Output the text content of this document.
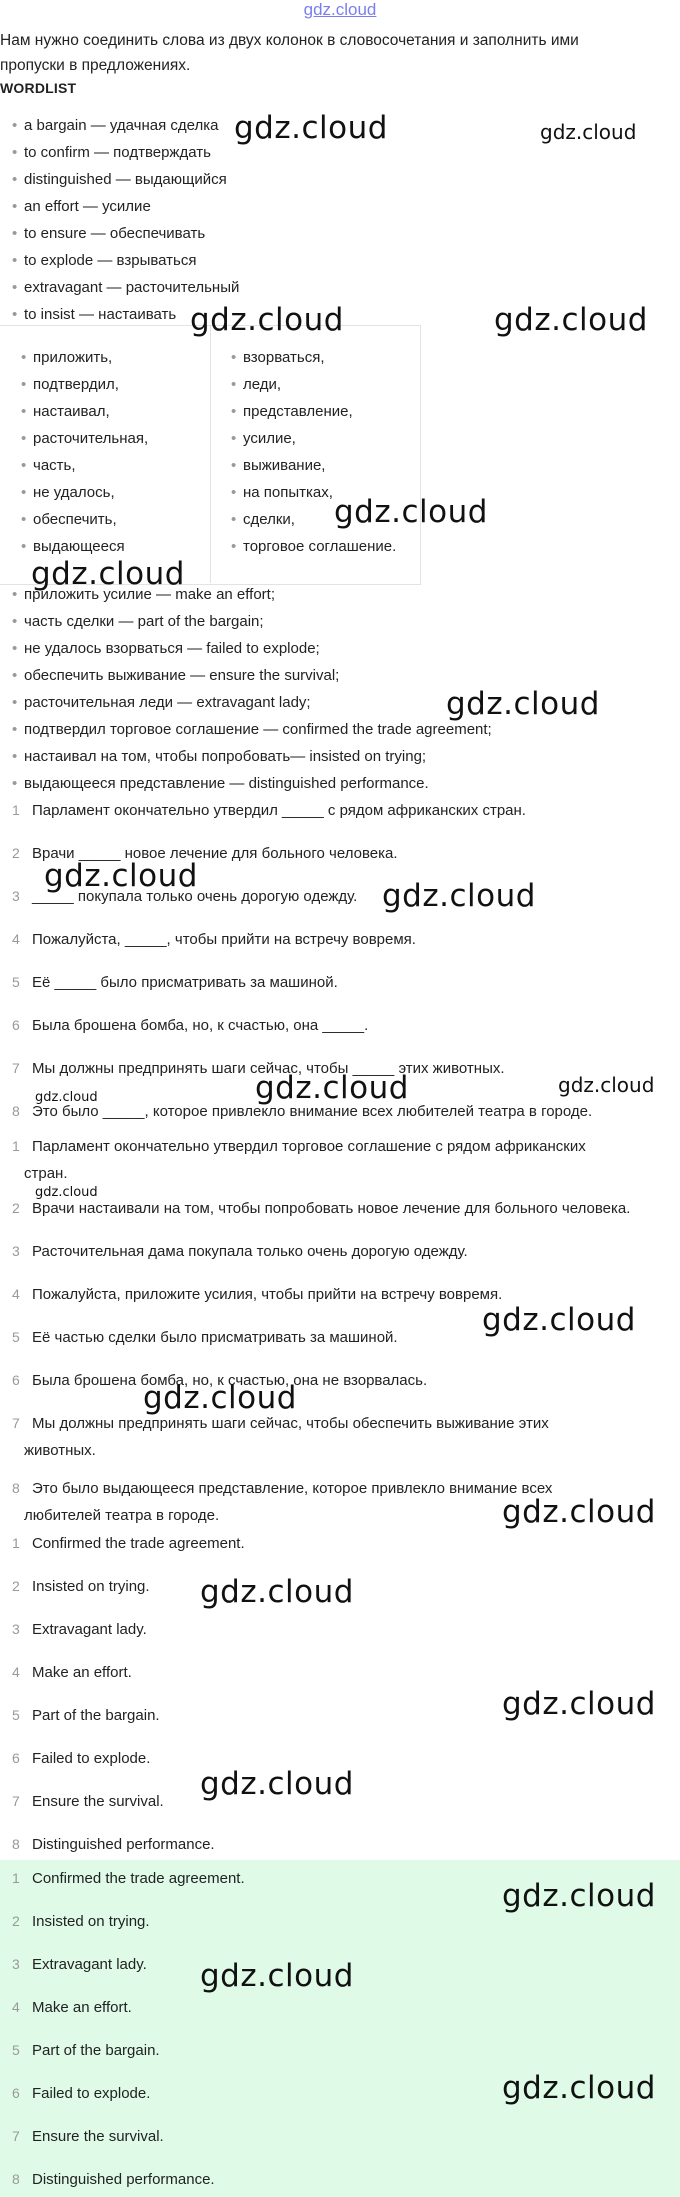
gdz.cloud
Нам нужно соединить слова из двух колонок в словосочетания и заполнить ими пропуски в предложениях.
WORDLIST
• a bargain — удачная сделка
• to confirm — подтверждать
• distinguished — выдающийся
• an effort — усилие
• to ensure — обеспечивать
• to explode — взрываться
• extravagant — расточительный
• to insist — настаивать
• приложить,
• подтвердил,
• настаивал,
• расточительная,
• часть,
• не удалось,
• обеспечить,
• выдающееся
• взорваться,
• леди,
• представление,
• усилие,
• выживание,
• на попытках,
• сделки,
• торговое соглашение.
• приложить усилие — make an effort;
• часть сделки — part of the bargain;
• не удалось взорваться — failed to explode;
• обеспечить выживание — ensure the survival;
• расточительная леди — extravagant lady;
• подтвердил торговое соглашение — confirmed the trade agreement;
• настаивал на том, чтобы попробовать— insisted on trying;
• выдающееся представление — distinguished performance.
1 Парламент окончательно утвердил _____ с рядом африканских стран.
2 Врачи _____ новое лечение для больного человека.
3 _____ покупала только очень дорогую одежду.
4 Пожалуйста, _____, чтобы прийти на встречу вовремя.
5 Её _____ было присматривать за машиной.
6 Была брошена бомба, но, к счастью, она _____.
7 Мы должны предпринять шаги сейчас, чтобы _____ этих животных.
8 Это было _____, которое привлекло внимание всех любителей театра в городе.
1 Парламент окончательно утвердил торговое соглашение с рядом африканских
стран.
2 Врачи настаивали на том, чтобы попробовать новое лечение для больного человека.
3 Расточительная дама покупала только очень дорогую одежду.
4 Пожалуйста, приложите усилия, чтобы прийти на встречу вовремя.
5 Её частью сделки было присматривать за машиной.
6 Была брошена бомба, но, к счастью, она не взорвалась.
7 Мы должны предпринять шаги сейчас, чтобы обеспечить выживание этих
животных.
8 Это было выдающееся представление, которое привлекло внимание всех
любителей театра в городе.
1 Confirmed the trade agreement.
2 Insisted on trying.
3 Extravagant lady.
4 Make an effort.
5 Part of the bargain.
6 Failed to explode.
7 Ensure the survival.
8 Distinguished performance.
1 Confirmed the trade agreement.
2 Insisted on trying.
3 Extravagant lady.
4 Make an effort.
5 Part of the bargain.
6 Failed to explode.
7 Ensure the survival.
8 Distinguished performance.
gdz.cloud	gdz.cloud
gdz.cloud	gdz.cloud
gdz.cloud
gdz.cloud
gdz.cloud
gdz.cloud
gdz.cloud
gdz.cloud	gdz.cloud
gdz.cloud
gdz.cloud
gdz.cloud
gdz.cloud
gdz.cloud
gdz.cloud
gdz.cloud
gdz.cloud
gdz.cloud
gdz.cloud
gdz.cloud
